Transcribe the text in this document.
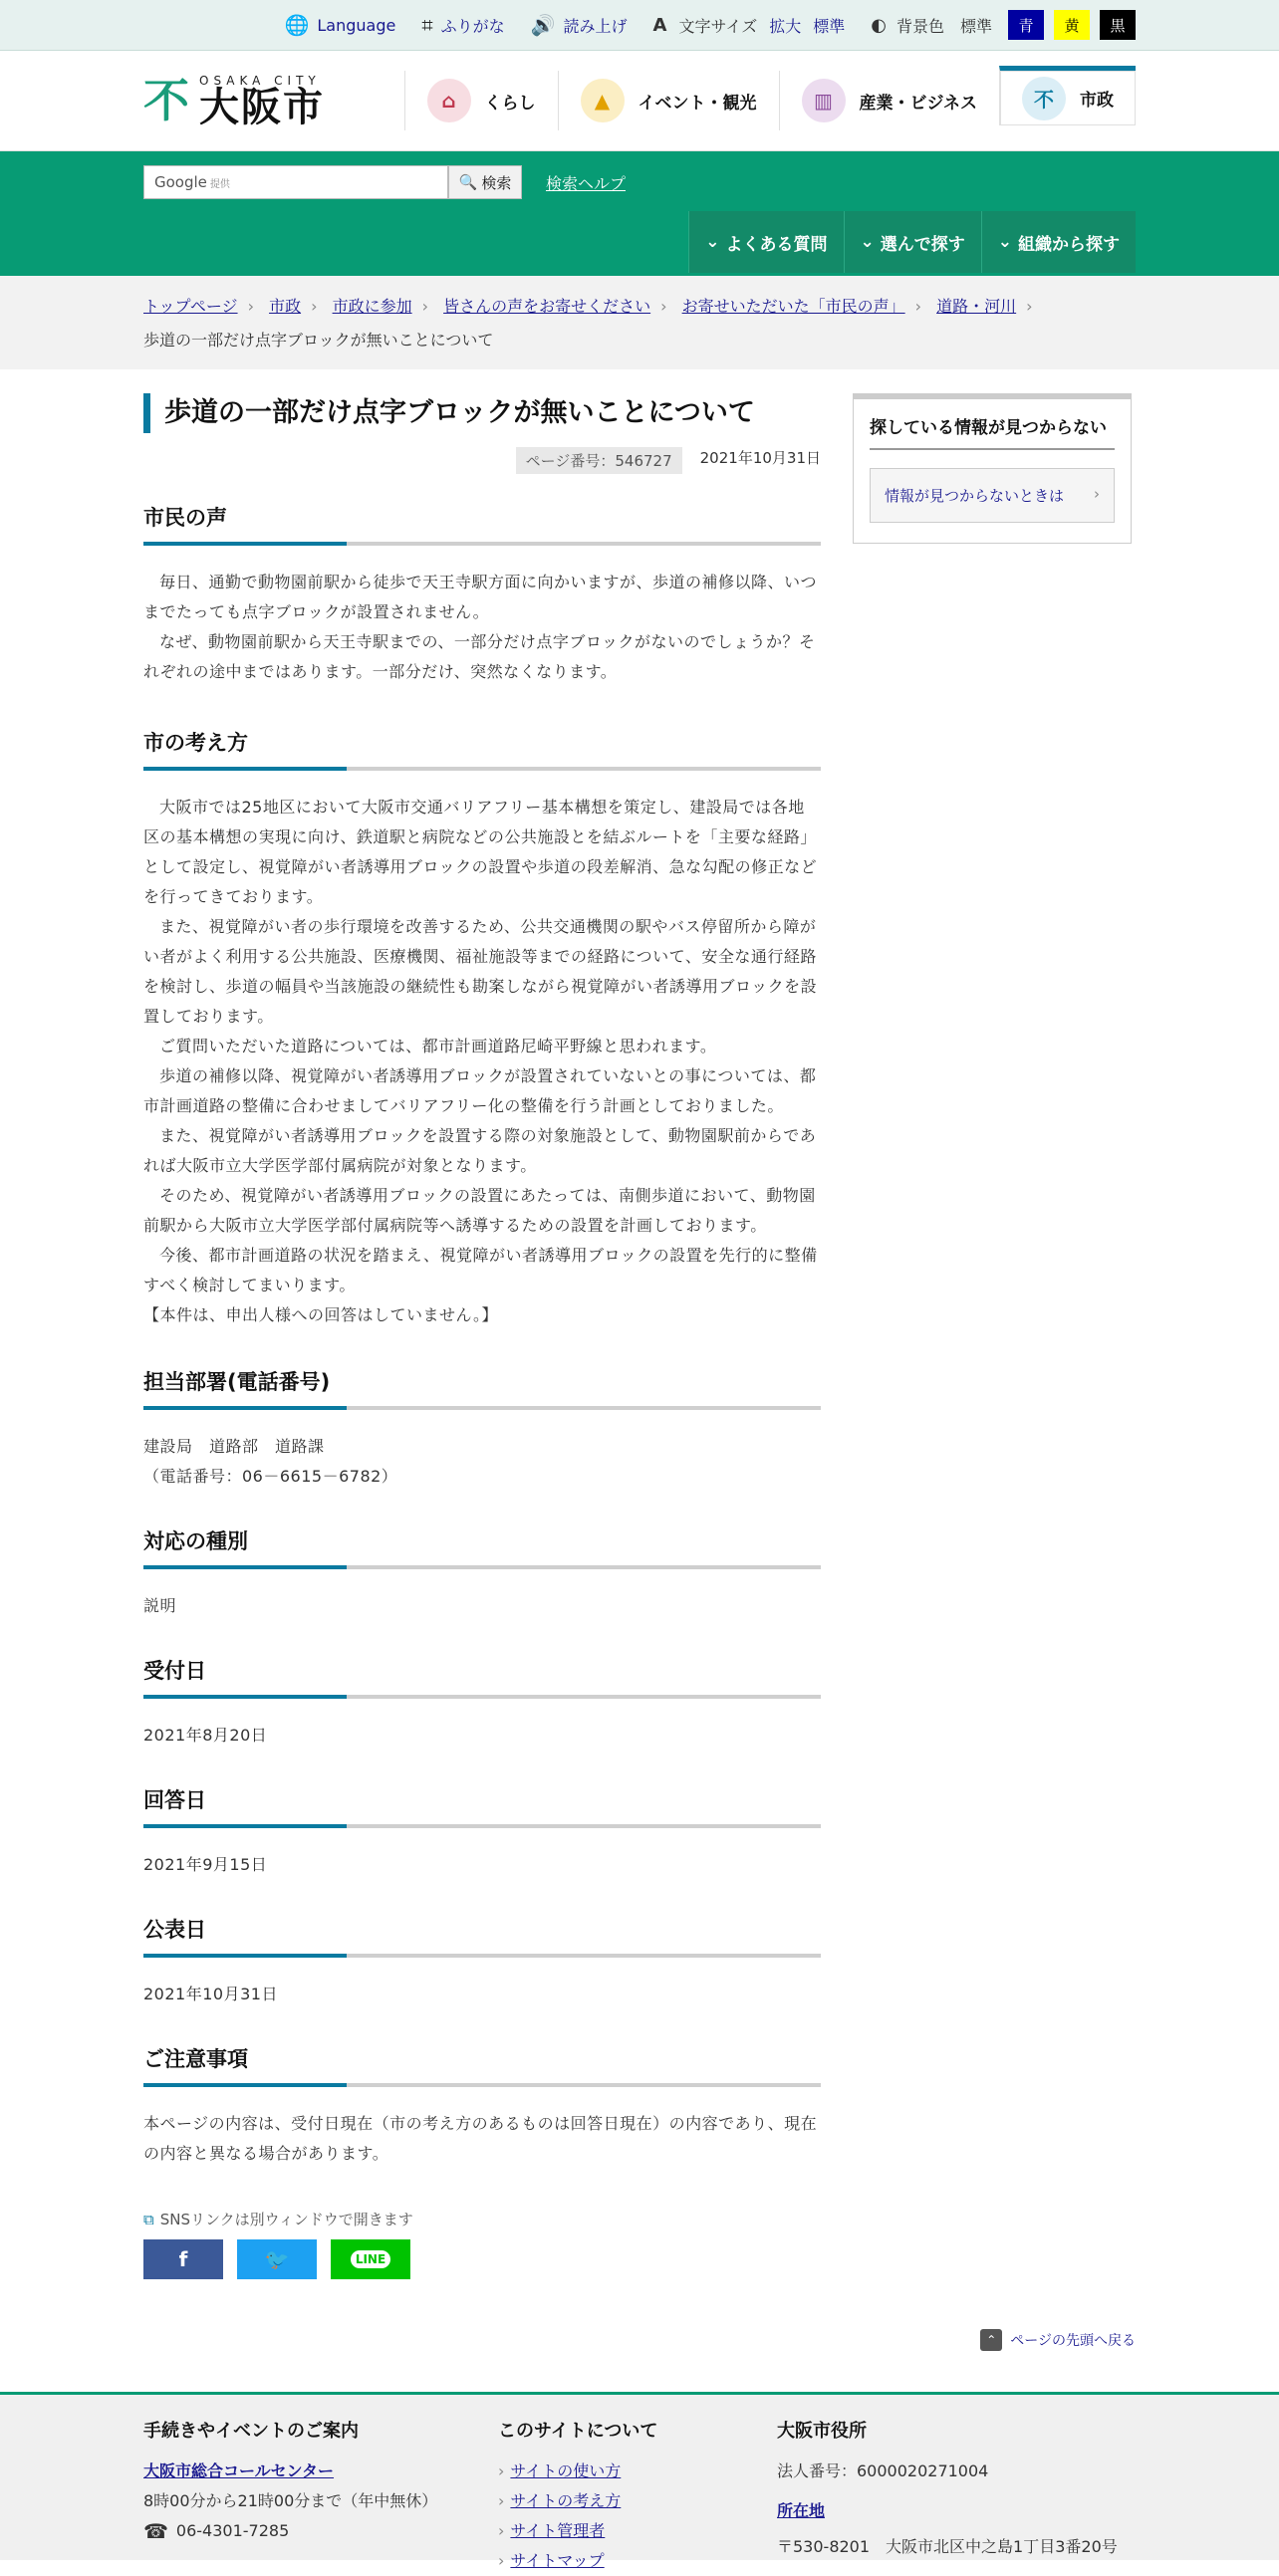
🌐 Language ⌗ ふりがな 🔊 読み上げ A 文字サイズ 拡大 標準 ◐ 背景色 標準	青	黄	黒
不 OSAKA CITY
大阪市	⌂	くらし	▲	イベント・観光	▥	産業・ビジネス	不	市政
Google 提供	🔍 検索 検索ヘルプ
⌄ よくある質問 ⌄ 選んで探す ⌄ 組織から探す
トップページ › 市政 › 市政に参加 › 皆さんの声をお寄せください › お寄せいただいた「市民の声」 › 道路・河川 ›
歩道の一部だけ点字ブロックが無いことについて
歩道の一部だけ点字ブロックが無いことについて
ページ番号：546727	2021年10月31日
市民の声

毎日、通勤で動物園前駅から徒歩で天王寺駅方面に向かいますが、歩道の補修以降、いつまでたっても点字ブロックが設置されません。

なぜ、動物園前駅から天王寺駅までの、一部分だけ点字ブロックがないのでしょうか？それぞれの途中まではあります。一部分だけ、突然なくなります。

市の考え方

大阪市では25地区において大阪市交通バリアフリー基本構想を策定し、建設局では各地区の基本構想の実現に向け、鉄道駅と病院などの公共施設とを結ぶルートを「主要な経路」として設定し、視覚障がい者誘導用ブロックの設置や歩道の段差解消、急な勾配の修正などを行ってきております。

また、視覚障がい者の歩行環境を改善するため、公共交通機関の駅やバス停留所から障がい者がよく利用する公共施設、医療機関、福祉施設等までの経路について、安全な通行経路を検討し、歩道の幅員や当該施設の継続性も勘案しながら視覚障がい者誘導用ブロックを設置しております。

ご質問いただいた道路については、都市計画道路尼崎平野線と思われます。

歩道の補修以降、視覚障がい者誘導用ブロックが設置されていないとの事については、都市計画道路の整備に合わせましてバリアフリー化の整備を行う計画としておりました。

また、視覚障がい者誘導用ブロックを設置する際の対象施設として、動物園駅前からであれば大阪市立大学医学部付属病院が対象となります。

そのため、視覚障がい者誘導用ブロックの設置にあたっては、南側歩道において、動物園前駅から大阪市立大学医学部付属病院等へ誘導するための設置を計画しております。

今後、都市計画道路の状況を踏まえ、視覚障がい者誘導用ブロックの設置を先行的に整備すべく検討してまいります。

【本件は、申出人様への回答はしていません。】

担当部署(電話番号)

建設局　道路部　道路課

（電話番号：06－6615－6782）

対応の種別

説明

受付日

2021年8月20日

回答日

2021年9月15日

公表日

2021年10月31日

ご注意事項

本ページの内容は、受付日現在（市の考え方のあるものは回答日現在）の内容であり、現在の内容と異なる場合があります。

⧉ SNSリンクは別ウィンドウで開きます
f	🐦	LINE
探している情報が見つからない
情報が見つからないときは ›
⌃ ページの先頭へ戻る
手続きやイベントのご案内
大阪市総合コールセンター
8時00分から21時00分まで（年中無休）
☎ 06-4301-7285
このサイトについて
› サイトの使い方
› サイトの考え方
› サイト管理者
› サイトマップ
大阪市役所
法人番号：6000020271004
所在地
〒530-8201　大阪市北区中之島1丁目3番20号
